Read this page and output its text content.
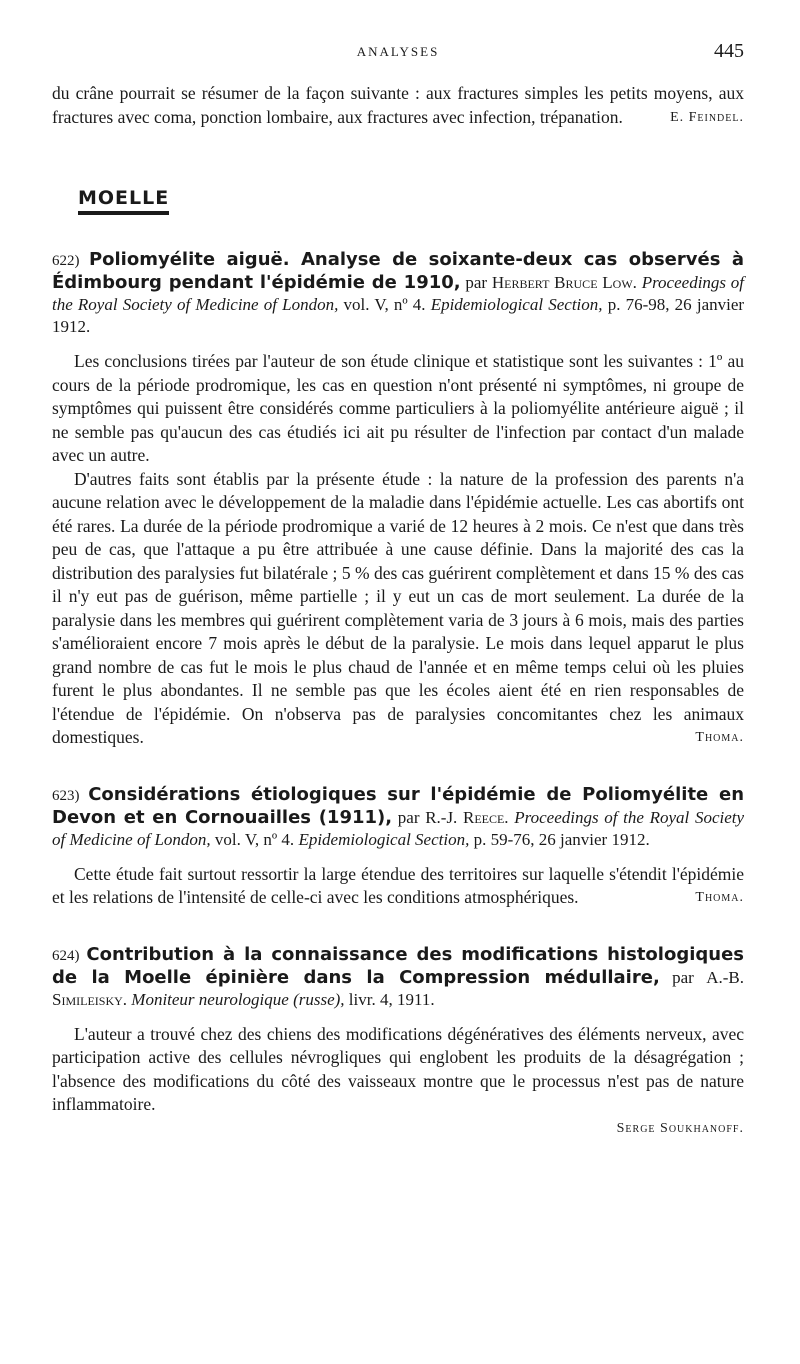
ANALYSES	445

du crâne pourrait se résumer de la façon suivante : aux fractures simples les petits moyens, aux fractures avec coma, ponction lombaire, aux fractures avec infection, trépanation.	E. Feindel.

MOELLE
622) Poliomyélite aiguë. Analyse de soixante-deux cas observés à Édimbourg pendant l'épidémie de 1910, par Herbert Bruce Low. Proceedings of the Royal Society of Medicine of London, vol. V, nº 4. Epidemiological Section, p. 76-98, 26 janvier 1912.

Les conclusions tirées par l'auteur de son étude clinique et statistique sont les suivantes : 1º au cours de la période prodromique, les cas en question n'ont présenté ni symptômes, ni groupe de symptômes qui puissent être considérés comme particuliers à la poliomyélite antérieure aiguë ; il ne semble pas qu'aucun des cas étudiés ici ait pu résulter de l'infection par contact d'un malade avec un autre.

D'autres faits sont établis par la présente étude : la nature de la profession des parents n'a aucune relation avec le développement de la maladie dans l'épidémie actuelle. Les cas abortifs ont été rares. La durée de la période prodromique a varié de 12 heures à 2 mois. Ce n'est que dans très peu de cas, que l'attaque a pu être attribuée à une cause définie. Dans la majorité des cas la distribution des paralysies fut bilatérale ; 5 % des cas guérirent complètement et dans 15 % des cas il n'y eut pas de guérison, même partielle ; il y eut un cas de mort seulement. La durée de la paralysie dans les membres qui guérirent complètement varia de 3 jours à 6 mois, mais des parties s'amélioraient encore 7 mois après le début de la paralysie. Le mois dans lequel apparut le plus grand nombre de cas fut le mois le plus chaud de l'année et en même temps celui où les pluies furent le plus abondantes. Il ne semble pas que les écoles aient été en rien responsables de l'étendue de l'épidémie. On n'observa pas de paralysies concomitantes chez les animaux domestiques.	Thoma.

623) Considérations étiologiques sur l'épidémie de Poliomyélite en Devon et en Cornouailles (1911), par R.-J. Reece. Proceedings of the Royal Society of Medicine of London, vol. V, nº 4. Epidemiological Section, p. 59-76, 26 janvier 1912.

Cette étude fait surtout ressortir la large étendue des territoires sur laquelle s'étendit l'épidémie et les relations de l'intensité de celle-ci avec les conditions atmosphériques.	Thoma.

624) Contribution à la connaissance des modifications histologiques de la Moelle épinière dans la Compression médullaire, par A.-B. Simileisky. Moniteur neurologique (russe), livr. 4, 1911.

L'auteur a trouvé chez des chiens des modifications dégénératives des éléments nerveux, avec participation active des cellules névrogliques qui englobent les produits de la désagrégation ; l'absence des modifications du côté des vaisseaux montre que le processus n'est pas de nature inflammatoire.

Serge Soukhanoff.
